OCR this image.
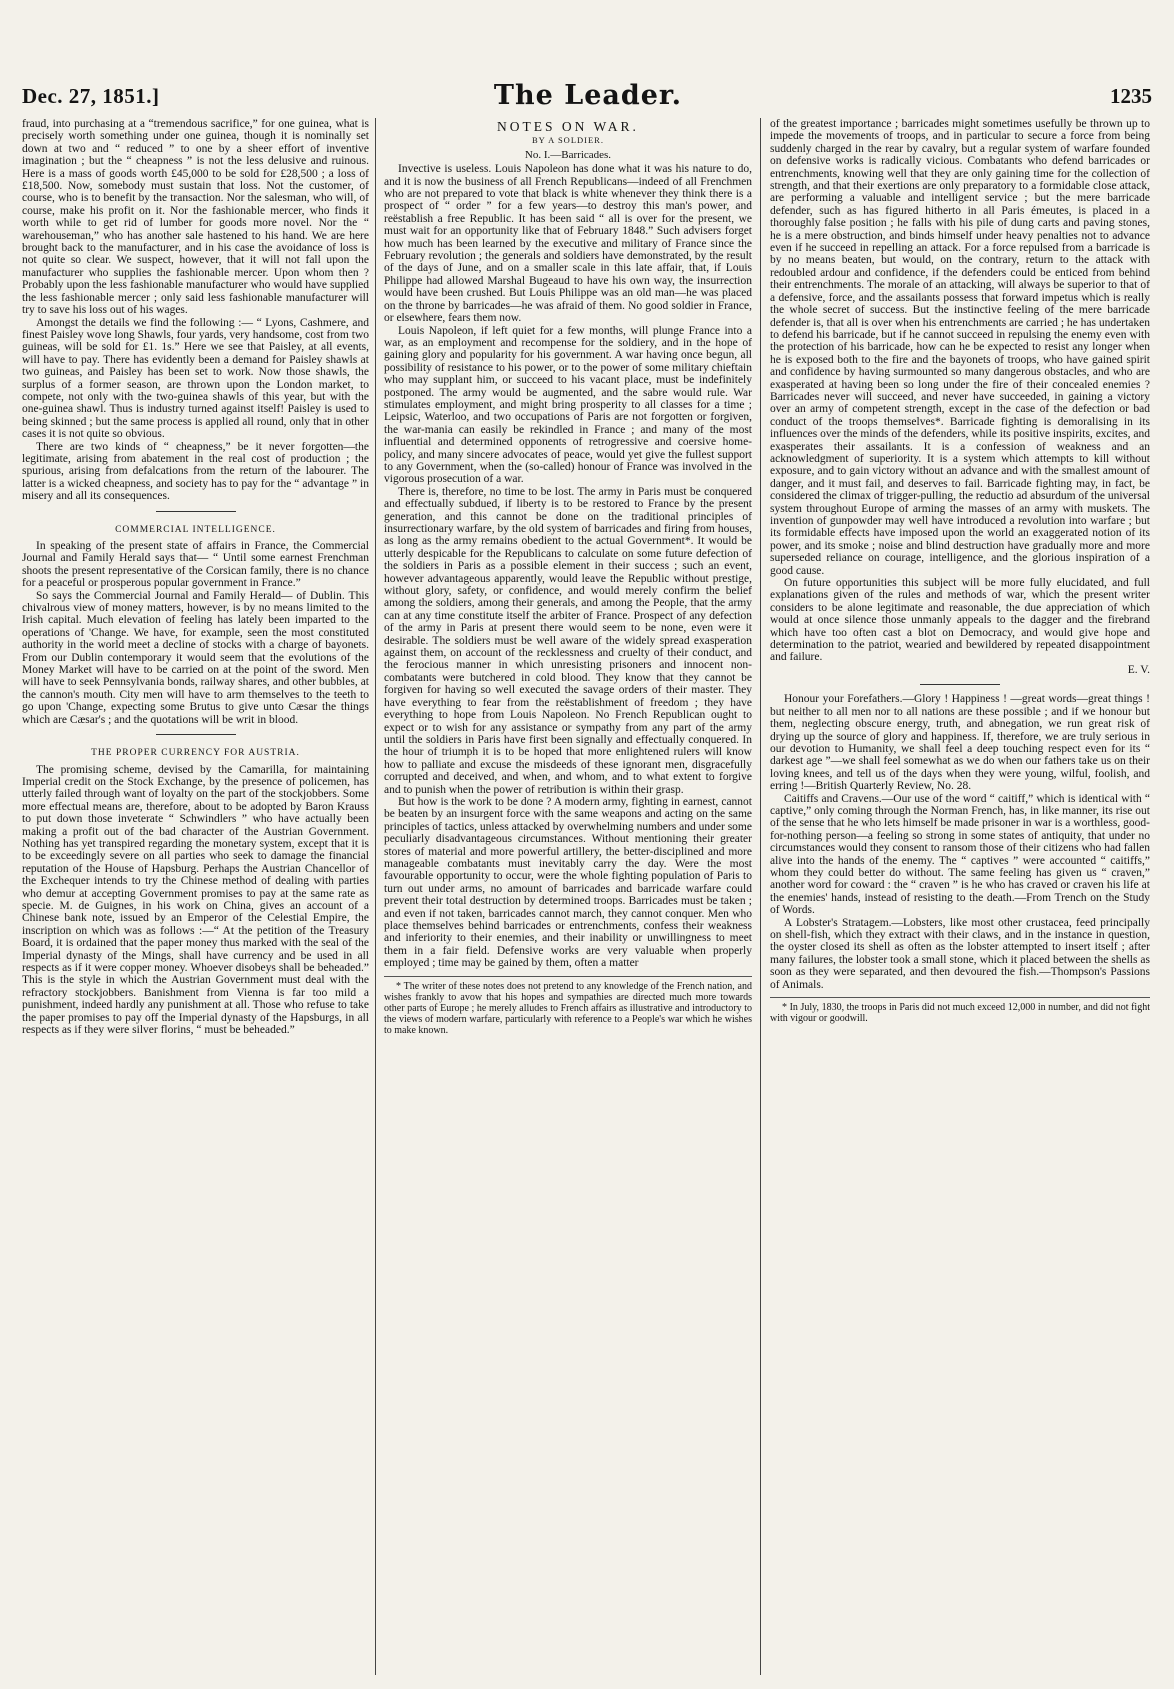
Dec. 27, 1851.]	The Leader.	1235

fraud, into purchasing at a “tremendous sacrifice,” for one guinea, what is precisely worth something under one guinea, though it is nominally set down at two and “ reduced ” to one by a sheer effort of inventive imagination ; but the “ cheapness ” is not the less delusive and ruinous. Here is a mass of goods worth £45,000 to be sold for £28,500 ; a loss of £18,500. Now, somebody must sustain that loss. Not the customer, of course, who is to benefit by the transaction. Nor the salesman, who will, of course, make his profit on it. Nor the fashionable mercer, who finds it worth while to get rid of lumber for goods more novel. Nor the “ warehouseman,” who has another sale hastened to his hand. We are here brought back to the manufacturer, and in his case the avoidance of loss is not quite so clear. We suspect, however, that it will not fall upon the manufacturer who supplies the fashionable mercer. Upon whom then ? Probably upon the less fashionable manufacturer who would have supplied the less fashionable mercer ; only said less fashionable manufacturer will try to save his loss out of his wages.

Amongst the details we find the following :— “ Lyons, Cashmere, and finest Paisley wove long Shawls, four yards, very handsome, cost from two guineas, will be sold for £1. 1s.” Here we see that Paisley, at all events, will have to pay. There has evidently been a demand for Paisley shawls at two guineas, and Paisley has been set to work. Now those shawls, the surplus of a former season, are thrown upon the London market, to compete, not only with the two-guinea shawls of this year, but with the one-guinea shawl. Thus is industry turned against itself! Paisley is used to being skinned ; but the same process is applied all round, only that in other cases it is not quite so obvious.

There are two kinds of “ cheapness,” be it never forgotten—the legitimate, arising from abatement in the real cost of production ; the spurious, arising from defalcations from the return of the labourer. The latter is a wicked cheapness, and society has to pay for the “ advantage ” in misery and all its consequences.

COMMERCIAL INTELLIGENCE.

In speaking of the present state of affairs in France, the Commercial Journal and Family Herald says that— “ Until some earnest Frenchman shoots the present representative of the Corsican family, there is no chance for a peaceful or prosperous popular government in France.”

So says the Commercial Journal and Family Herald— of Dublin. This chivalrous view of money matters, however, is by no means limited to the Irish capital. Much elevation of feeling has lately been imparted to the operations of 'Change. We have, for example, seen the most constituted authority in the world meet a decline of stocks with a charge of bayonets. From our Dublin contemporary it would seem that the evolutions of the Money Market will have to be carried on at the point of the sword. Men will have to seek Pennsylvania bonds, railway shares, and other bubbles, at the cannon's mouth. City men will have to arm themselves to the teeth to go upon 'Change, expecting some Brutus to give unto Cæsar the things which are Cæsar's ; and the quotations will be writ in blood.

THE PROPER CURRENCY FOR AUSTRIA.

The promising scheme, devised by the Camarilla, for maintaining Imperial credit on the Stock Exchange, by the presence of policemen, has utterly failed through want of loyalty on the part of the stockjobbers. Some more effectual means are, therefore, about to be adopted by Baron Krauss to put down those inveterate “ Schwindlers ” who have actually been making a profit out of the bad character of the Austrian Government. Nothing has yet transpired regarding the monetary system, except that it is to be exceedingly severe on all parties who seek to damage the financial reputation of the House of Hapsburg. Perhaps the Austrian Chancellor of the Exchequer intends to try the Chinese method of dealing with parties who demur at accepting Government promises to pay at the same rate as specie. M. de Guignes, in his work on China, gives an account of a Chinese bank note, issued by an Emperor of the Celestial Empire, the inscription on which was as follows :—“ At the petition of the Treasury Board, it is ordained that the paper money thus marked with the seal of the Imperial dynasty of the Mings, shall have currency and be used in all respects as if it were copper money. Whoever disobeys shall be beheaded.” This is the style in which the Austrian Government must deal with the refractory stockjobbers. Banishment from Vienna is far too mild a punishment, indeed hardly any punishment at all. Those who refuse to take the paper promises to pay off the Imperial dynasty of the Hapsburgs, in all respects as if they were silver florins, “ must be beheaded.”

NOTES ON WAR.
BY A SOLDIER.
No. I.—Barricades.

Invective is useless. Louis Napoleon has done what it was his nature to do, and it is now the business of all French Republicans—indeed of all Frenchmen who are not prepared to vote that black is white whenever they think there is a prospect of “ order ” for a few years—to destroy this man's power, and reëstablish a free Republic. It has been said “ all is over for the present, we must wait for an opportunity like that of February 1848.” Such advisers forget how much has been learned by the executive and military of France since the February revolution ; the generals and soldiers have demonstrated, by the result of the days of June, and on a smaller scale in this late affair, that, if Louis Philippe had allowed Marshal Bugeaud to have his own way, the insurrection would have been crushed. But Louis Philippe was an old man—he was placed on the throne by barricades—he was afraid of them. No good soldier in France, or elsewhere, fears them now.

Louis Napoleon, if left quiet for a few months, will plunge France into a war, as an employment and recompense for the soldiery, and in the hope of gaining glory and popularity for his government. A war having once begun, all possibility of resistance to his power, or to the power of some military chieftain who may supplant him, or succeed to his vacant place, must be indefinitely postponed. The army would be augmented, and the sabre would rule. War stimulates employment, and might bring prosperity to all classes for a time ; Leipsic, Waterloo, and two occupations of Paris are not forgotten or forgiven, the war-mania can easily be rekindled in France ; and many of the most influential and determined opponents of retrogressive and coersive home-policy, and many sincere advocates of peace, would yet give the fullest support to any Government, when the (so-called) honour of France was involved in the vigorous prosecution of a war.

There is, therefore, no time to be lost. The army in Paris must be conquered and effectually subdued, if liberty is to be restored to France by the present generation, and this cannot be done on the traditional principles of insurrectionary warfare, by the old system of barricades and firing from houses, as long as the army remains obedient to the actual Government*. It would be utterly despicable for the Republicans to calculate on some future defection of the soldiers in Paris as a possible element in their success ; such an event, however advantageous apparently, would leave the Republic without prestige, without glory, safety, or confidence, and would merely confirm the belief among the soldiers, among their generals, and among the People, that the army can at any time constitute itself the arbiter of France. Prospect of any defection of the army in Paris at present there would seem to be none, even were it desirable. The soldiers must be well aware of the widely spread exasperation against them, on account of the recklessness and cruelty of their conduct, and the ferocious manner in which unresisting prisoners and innocent non-combatants were butchered in cold blood. They know that they cannot be forgiven for having so well executed the savage orders of their master. They have everything to fear from the reëstablishment of freedom ; they have everything to hope from Louis Napoleon. No French Republican ought to expect or to wish for any assistance or sympathy from any part of the army until the soldiers in Paris have first been signally and effectually conquered. In the hour of triumph it is to be hoped that more enlightened rulers will know how to palliate and excuse the misdeeds of these ignorant men, disgracefully corrupted and deceived, and when, and whom, and to what extent to forgive and to punish when the power of retribution is within their grasp.

But how is the work to be done ? A modern army, fighting in earnest, cannot be beaten by an insurgent force with the same weapons and acting on the same principles of tactics, unless attacked by overwhelming numbers and under some peculiarly disadvantageous circumstances. Without mentioning their greater stores of material and more powerful artillery, the better-disciplined and more manageable combatants must inevitably carry the day. Were the most favourable opportunity to occur, were the whole fighting population of Paris to turn out under arms, no amount of barricades and barricade warfare could prevent their total destruction by determined troops. Barricades must be taken ; and even if not taken, barricades cannot march, they cannot conquer. Men who place themselves behind barricades or entrenchments, confess their weakness and inferiority to their enemies, and their inability or unwillingness to meet them in a fair field. Defensive works are very valuable when properly employed ; time may be gained by them, often a matter

* The writer of these notes does not pretend to any knowledge of the French nation, and wishes frankly to avow that his hopes and sympathies are directed much more towards other parts of Europe ; he merely alludes to French affairs as illustrative and introductory to the views of modern warfare, particularly with reference to a People's war which he wishes to make known.

of the greatest importance ; barricades might sometimes usefully be thrown up to impede the movements of troops, and in particular to secure a force from being suddenly charged in the rear by cavalry, but a regular system of warfare founded on defensive works is radically vicious. Combatants who defend barricades or entrenchments, knowing well that they are only gaining time for the collection of strength, and that their exertions are only preparatory to a formidable close attack, are performing a valuable and intelligent service ; but the mere barricade defender, such as has figured hitherto in all Paris émeutes, is placed in a thoroughly false position ; he falls with his pile of dung carts and paving stones, he is a mere obstruction, and binds himself under heavy penalties not to advance even if he succeed in repelling an attack. For a force repulsed from a barricade is by no means beaten, but would, on the contrary, return to the attack with redoubled ardour and confidence, if the defenders could be enticed from behind their entrenchments. The morale of an attacking, will always be superior to that of a defensive, force, and the assailants possess that forward impetus which is really the whole secret of success. But the instinctive feeling of the mere barricade defender is, that all is over when his entrenchments are carried ; he has undertaken to defend his barricade, but if he cannot succeed in repulsing the enemy even with the protection of his barricade, how can he be expected to resist any longer when he is exposed both to the fire and the bayonets of troops, who have gained spirit and confidence by having surmounted so many dangerous obstacles, and who are exasperated at having been so long under the fire of their concealed enemies ? Barricades never will succeed, and never have succeeded, in gaining a victory over an army of competent strength, except in the case of the defection or bad conduct of the troops themselves*. Barricade fighting is demoralising in its influences over the minds of the defenders, while its positive inspirits, excites, and exasperates their assailants. It is a confession of weakness and an acknowledgment of superiority. It is a system which attempts to kill without exposure, and to gain victory without an advance and with the smallest amount of danger, and it must fail, and deserves to fail. Barricade fighting may, in fact, be considered the climax of trigger-pulling, the reductio ad absurdum of the universal system throughout Europe of arming the masses of an army with muskets. The invention of gunpowder may well have introduced a revolution into warfare ; but its formidable effects have imposed upon the world an exaggerated notion of its power, and its smoke ; noise and blind destruction have gradually more and more superseded reliance on courage, intelligence, and the glorious inspiration of a good cause.

On future opportunities this subject will be more fully elucidated, and full explanations given of the rules and methods of war, which the present writer considers to be alone legitimate and reasonable, the due appreciation of which would at once silence those unmanly appeals to the dagger and the firebrand which have too often cast a blot on Democracy, and would give hope and determination to the patriot, wearied and bewildered by repeated disappointment and failure.

E. V.

Honour your Forefathers.—Glory ! Happiness ! —great words—great things ! but neither to all men nor to all nations are these possible ; and if we honour but them, neglecting obscure energy, truth, and abnegation, we run great risk of drying up the source of glory and happiness. If, therefore, we are truly serious in our devotion to Humanity, we shall feel a deep touching respect even for its “ darkest age ”—we shall feel somewhat as we do when our fathers take us on their loving knees, and tell us of the days when they were young, wilful, foolish, and erring !—British Quarterly Review, No. 28.

Caitiffs and Cravens.—Our use of the word “ caitiff,” which is identical with “ captive,” only coming through the Norman French, has, in like manner, its rise out of the sense that he who lets himself be made prisoner in war is a worthless, good-for-nothing person—a feeling so strong in some states of antiquity, that under no circumstances would they consent to ransom those of their citizens who had fallen alive into the hands of the enemy. The “ captives ” were accounted “ caitiffs,” whom they could better do without. The same feeling has given us “ craven,” another word for coward : the “ craven ” is he who has craved or craven his life at the enemies' hands, instead of resisting to the death.—From Trench on the Study of Words.

A Lobster's Stratagem.—Lobsters, like most other crustacea, feed principally on shell-fish, which they extract with their claws, and in the instance in question, the oyster closed its shell as often as the lobster attempted to insert itself ; after many failures, the lobster took a small stone, which it placed between the shells as soon as they were separated, and then devoured the fish.—Thompson's Passions of Animals.

* In July, 1830, the troops in Paris did not much exceed 12,000 in number, and did not fight with vigour or goodwill.
